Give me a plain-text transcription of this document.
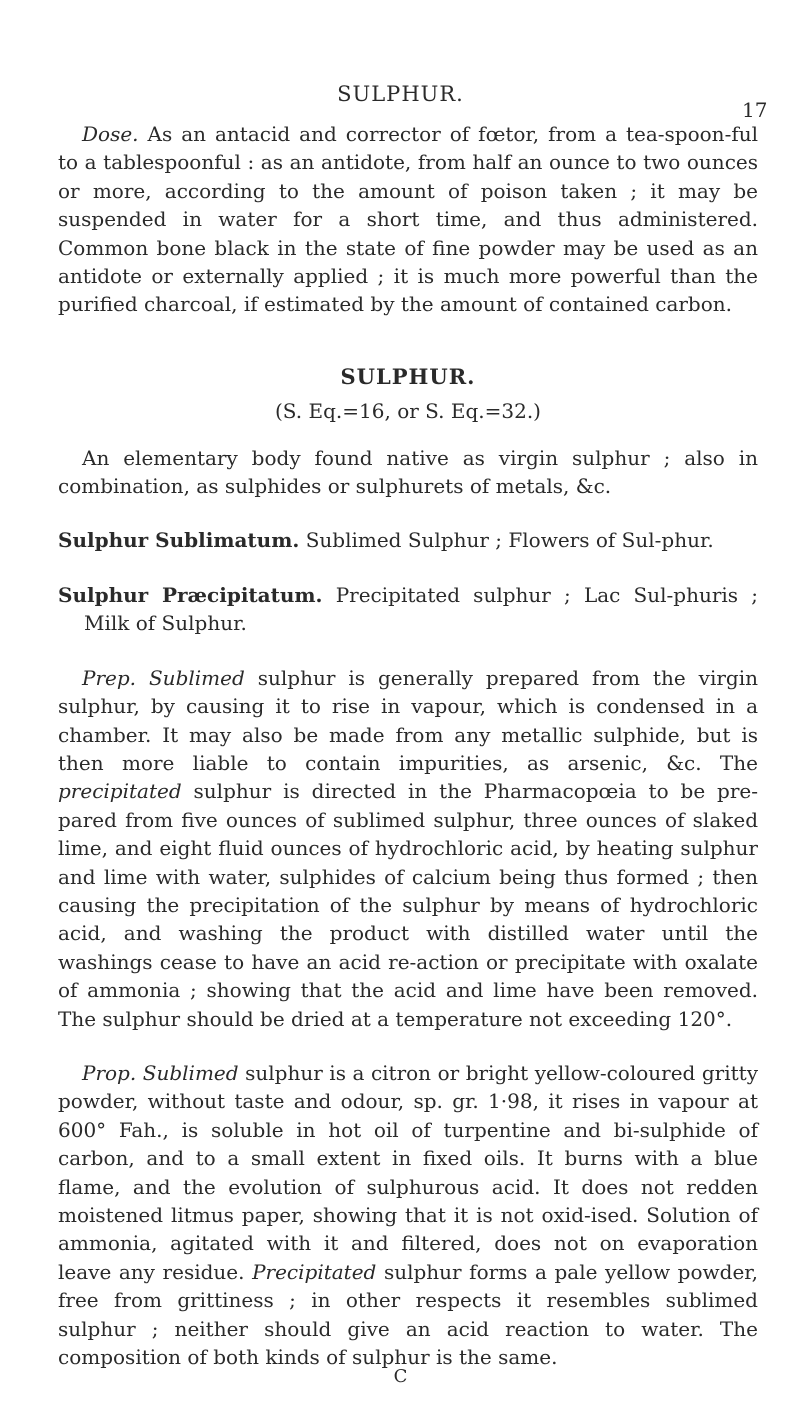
SULPHUR.
17

Dose. As an antacid and corrector of fœtor, from a tea-spoon-ful to a tablespoonful : as an antidote, from half an ounce to two ounces or more, according to the amount of poison taken ; it may be suspended in water for a short time, and thus administered. Common bone black in the state of fine powder may be used as an antidote or externally applied ; it is much more powerful than the purified charcoal, if estimated by the amount of contained carbon.

SULPHUR.
(S. Eq.=16, or S. Eq.=32.)

An elementary body found native as virgin sulphur ; also in combination, as sulphides or sulphurets of metals, &c.

Sulphur Sublimatum. Sublimed Sulphur ; Flowers of Sul-phur.

Sulphur Præcipitatum. Precipitated sulphur ; Lac Sul-phuris ; Milk of Sulphur.

Prep. Sublimed sulphur is generally prepared from the virgin sulphur, by causing it to rise in vapour, which is condensed in a chamber. It may also be made from any metallic sulphide, but is then more liable to contain impurities, as arsenic, &c. The precipitated sulphur is directed in the Pharmacopœia to be pre-pared from five ounces of sublimed sulphur, three ounces of slaked lime, and eight fluid ounces of hydrochloric acid, by heating sulphur and lime with water, sulphides of calcium being thus formed ; then causing the precipitation of the sulphur by means of hydrochloric acid, and washing the product with distilled water until the washings cease to have an acid re-action or precipitate with oxalate of ammonia ; showing that the acid and lime have been removed. The sulphur should be dried at a temperature not exceeding 120°.

Prop. Sublimed sulphur is a citron or bright yellow-coloured gritty powder, without taste and odour, sp. gr. 1·98, it rises in vapour at 600° Fah., is soluble in hot oil of turpentine and bi-sulphide of carbon, and to a small extent in fixed oils. It burns with a blue flame, and the evolution of sulphurous acid. It does not redden moistened litmus paper, showing that it is not oxid-ised. Solution of ammonia, agitated with it and filtered, does not on evaporation leave any residue. Precipitated sulphur forms a pale yellow powder, free from grittiness ; in other respects it resembles sublimed sulphur ; neither should give an acid reaction to water. The composition of both kinds of sulphur is the same.

C
